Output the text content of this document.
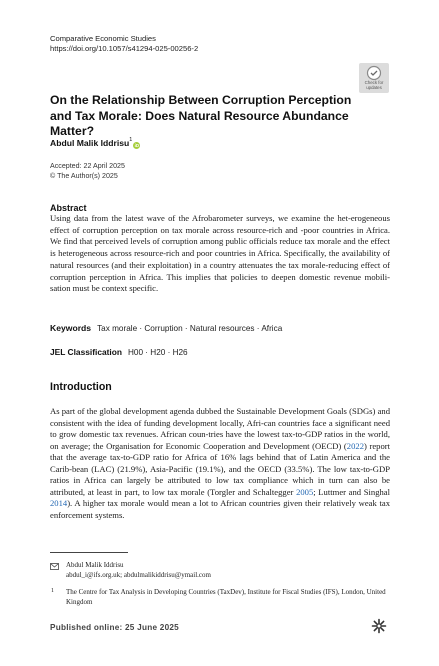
Comparative Economic Studies
https://doi.org/10.1057/s41294-025-00256-2
Check for
updates
On the Relationship Between Corruption Perception
and Tax Morale: Does Natural Resource Abundance Matter?
Abdul Malik Iddrisu$^1$iD
Accepted: 22 April 2025
© The Author(s) 2025
Abstract
Using data from the latest wave of the Afrobarometer surveys, we examine the het-erogeneous effect of corruption perception on tax morale across resource-rich and -poor countries in Africa. We find that perceived levels of corruption among public officials reduce tax morale and the effect is heterogeneous across resource-rich and poor countries in Africa. Specifically, the availability of natural resources (and their exploitation) in a country attenuates the tax morale-reducing effect of corruption perception in Africa. This implies that policies to deepen domestic revenue mobili-sation must be context specific.
Keywords Tax morale · Corruption · Natural resources · Africa
JEL Classification H00 · H20 · H26
Introduction
As part of the global development agenda dubbed the Sustainable Development Goals (SDGs) and consistent with the idea of funding development locally, Afri-can countries face a significant need to grow domestic tax revenues. African coun-tries have the lowest tax-to-GDP ratios in the world, on average; the Organisation for Economic Cooperation and Development (OECD) (2022) report that the average tax-to-GDP ratio for Africa of 16% lags behind that of Latin America and the Carib-bean (LAC) (21.9%), Asia-Pacific (19.1%), and the OECD (33.5%). The low tax-to-GDP ratios in Africa can largely be attributed to low tax compliance which in turn can also be attributed, at least in part, to low tax morale (Torgler and Schaltegger 2005; Luttmer and Singhal 2014). A higher tax morale would mean a lot to African countries given their relatively weak tax enforcement systems.
Abdul Malik Iddrisu
abdul_i@ifs.org.uk; abdulmalikiddrisu@ymail.com
1 The Centre for Tax Analysis in Developing Countries (TaxDev), Institute for Fiscal Studies (IFS), London, United Kingdom
Published online: 25 June 2025
